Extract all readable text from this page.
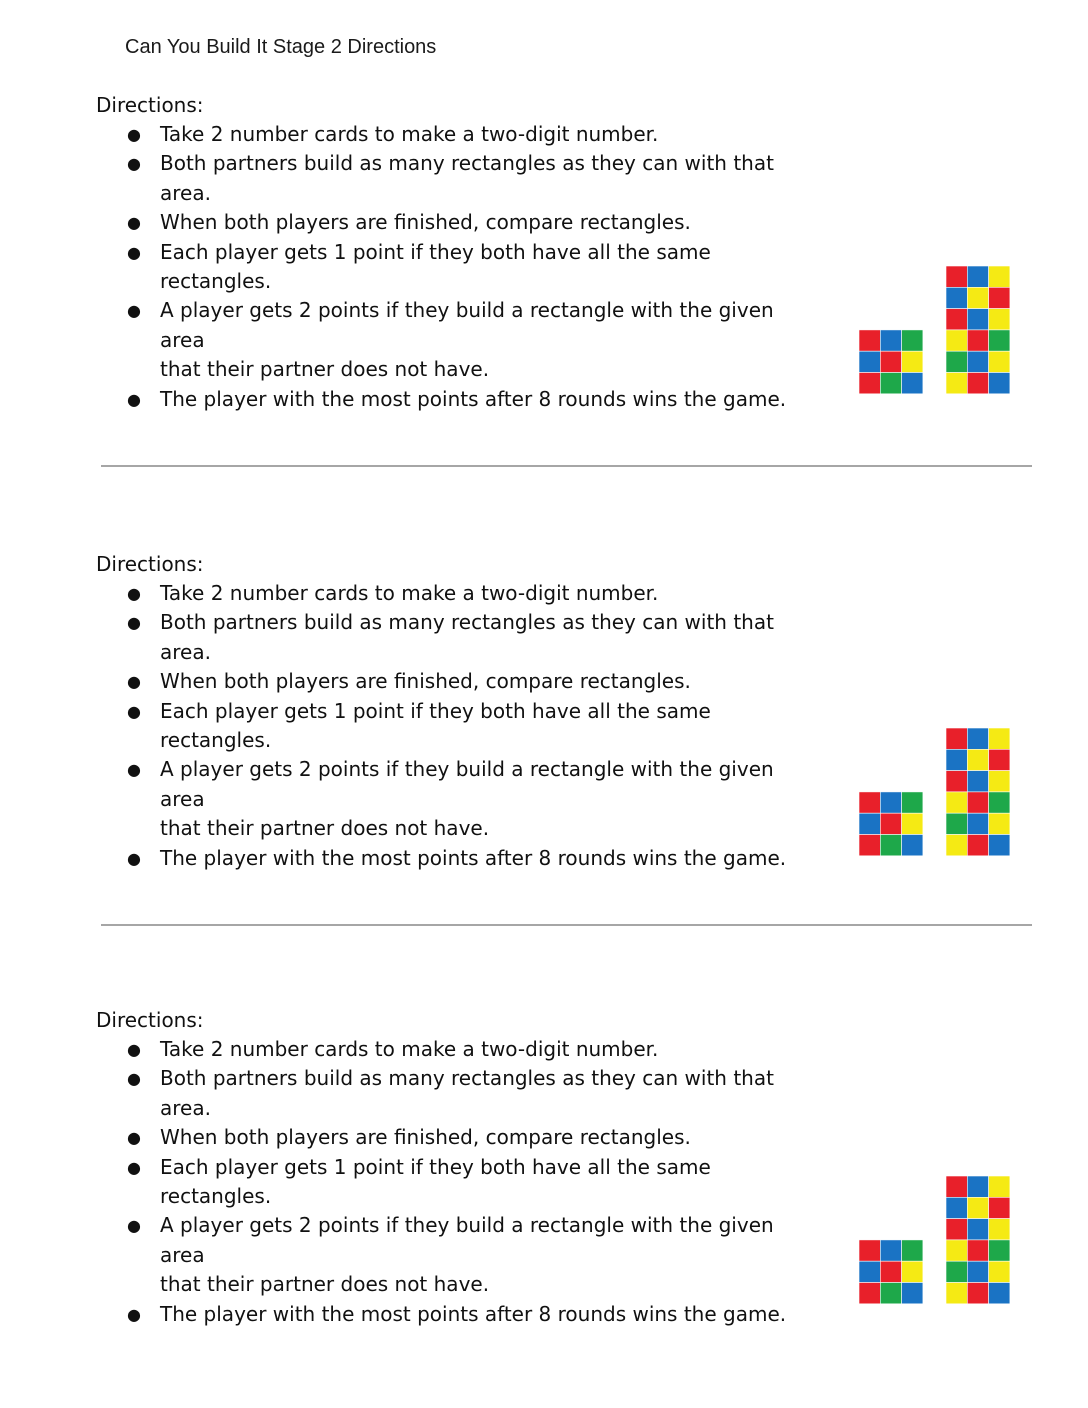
Can You Build It Stage 2 Directions
Directions:
● Take 2 number cards to make a two-digit number.
● Both partners build as many rectangles as they can with that area.
● When both players are finished, compare rectangles.
● Each player gets 1 point if they both have all the same rectangles.
● A player gets 2 points if they build a rectangle with the given area
that their partner does not have.
● The player with the most points after 8 rounds wins the game.
Directions:
● Take 2 number cards to make a two-digit number.
● Both partners build as many rectangles as they can with that area.
● When both players are finished, compare rectangles.
● Each player gets 1 point if they both have all the same rectangles.
● A player gets 2 points if they build a rectangle with the given area
that their partner does not have.
● The player with the most points after 8 rounds wins the game.
Directions:
● Take 2 number cards to make a two-digit number.
● Both partners build as many rectangles as they can with that area.
● When both players are finished, compare rectangles.
● Each player gets 1 point if they both have all the same rectangles.
● A player gets 2 points if they build a rectangle with the given area
that their partner does not have.
● The player with the most points after 8 rounds wins the game.
